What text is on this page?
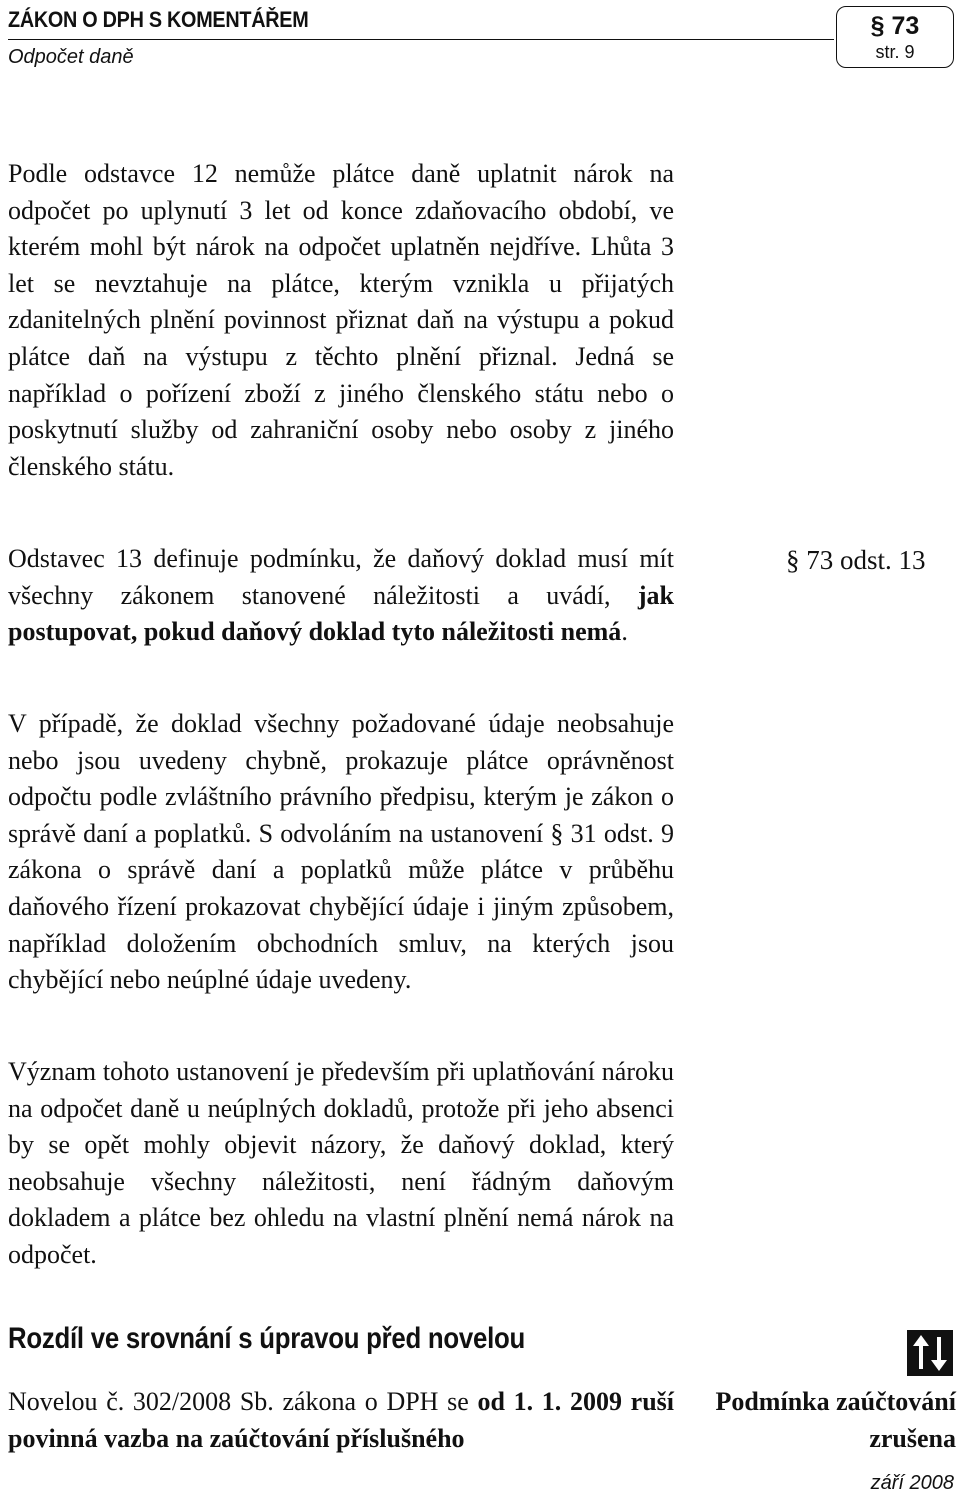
ZÁKON O DPH S KOMENTÁŘEM
Odpočet daně
§ 73
str. 9
Podle odstavce 12 nemůže plátce daně uplatnit nárok na odpočet po uplynutí 3 let od konce zdaňovacího období, ve kterém mohl být nárok na odpočet uplatněn nejdříve. Lhůta 3 let se nevztahuje na plátce, kterým vznikla u přijatých zdanitelných plnění povinnost přiznat daň na výstupu a pokud plátce daň na výstupu z těchto plnění přiznal. Jedná se například o pořízení zboží z jiného členského státu nebo o poskytnutí služby od zahraniční osoby nebo osoby z jiného členského státu.
Odstavec 13 definuje podmínku, že daňový doklad musí mít všechny zákonem stanovené náležitosti a uvádí, jak postupovat, pokud daňový doklad tyto náležitosti nemá.
§ 73 odst. 13
V případě, že doklad všechny požadované údaje neobsahuje nebo jsou uvedeny chybně, prokazuje plátce oprávněnost odpočtu podle zvláštního právního předpisu, kterým je zákon o správě daní a poplatků. S odvoláním na ustanovení § 31 odst. 9 zákona o správě daní a poplatků může plátce v průběhu daňového řízení prokazovat chybějící údaje i jiným způsobem, například doložením obchodních smluv, na kterých jsou chybějící nebo neúplné údaje uvedeny.
Význam tohoto ustanovení je především při uplatňování nároku na odpočet daně u neúplných dokladů, protože při jeho absenci by se opět mohly objevit názory, že daňový doklad, který neobsahuje všechny náležitosti, není řádným daňovým dokladem a plátce bez ohledu na vlastní plnění nemá nárok na odpočet.
Rozdíl ve srovnání s úpravou před novelou
Novelou č. 302/2008 Sb. zákona o DPH se od 1. 1. 2009 ruší povinná vazba na zaúčtování příslušného
Podmínka zaúčtování zrušena
září 2008
